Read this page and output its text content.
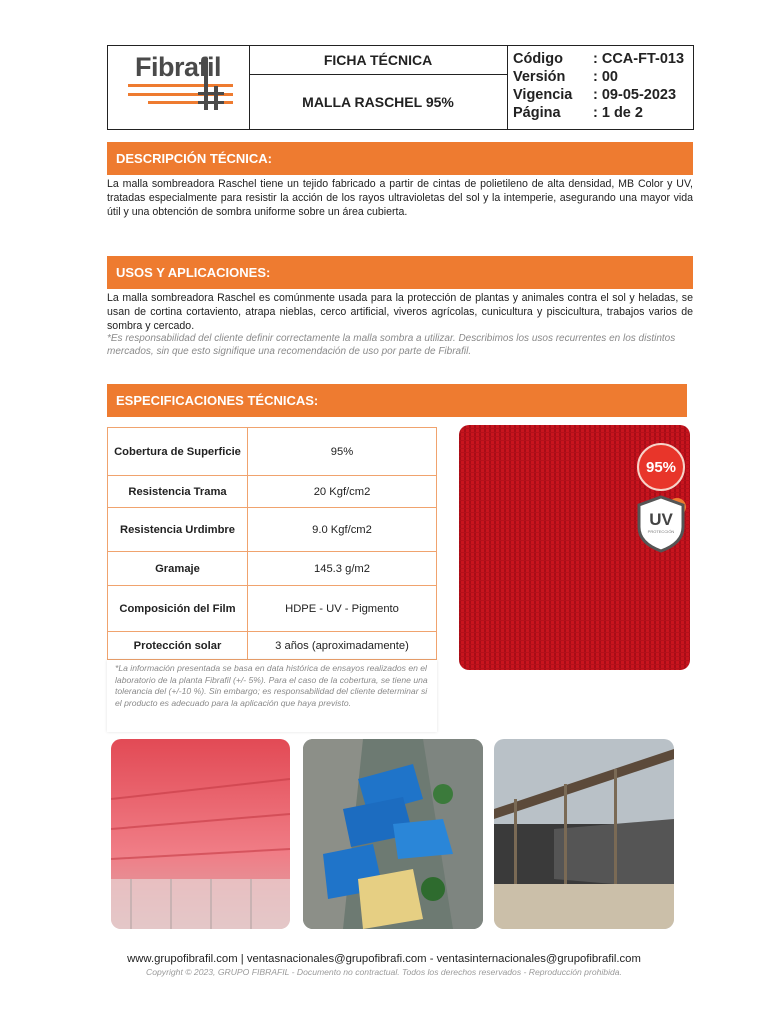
Fibrafil	FICHA TÉCNICA
MALLA RASCHEL 95%
Código	: CCA-FT-013
Versión	: 00
Vigencia	: 09-05-2023
Página	: 1 de 2
DESCRIPCIÓN TÉCNICA:
La malla sombreadora Raschel tiene un tejido fabricado a partir de cintas de polietileno de alta densidad, MB Color y UV, tratadas especialmente para resistir la acción de los rayos ultravioletas del sol y la intemperie, asegurando una mayor vida útil y una obtención de sombra uniforme sobre un área cubierta.
USOS Y APLICACIONES:
La malla sombreadora Raschel es comúnmente usada para la protección de plantas y animales contra el sol y heladas, se usan de cortina cortaviento, atrapa nieblas, cerco artificial, viveros agrícolas, cunicultura y piscicultura, trabajos varios de sombra y cercado.
*Es responsabilidad del cliente definir correctamente la malla sombra a utilizar. Describimos los usos recurrentes en los distintos mercados, sin que esto signifique una recomendación de uso por parte de Fibrafil.
ESPECIFICACIONES TÉCNICAS:
Cobertura de Superficie	95%
Resistencia Trama	20 Kgf/cm2
Resistencia Urdimbre	9.0 Kgf/cm2
Gramaje	145.3 g/m2
Composición del Film	HDPE - UV - Pigmento
Protección solar	3 años (aproximadamente)
*La información presentada se basa en data histórica de ensayos realizados en el laboratorio de la planta Fibrafil (+/- 5%). Para el caso de la cobertura, se tiene una tolerancia del (+/-10 %). Sin embargo; es responsabilidad del cliente determinar si el producto es adecuado para la aplicación que haya previsto.
95%
UV
PROTECCIÓN
www.grupofibrafil.com | ventasnacionales@grupofibrafi.com - ventasinternacionales@grupofibrafil.com
Copyright © 2023, GRUPO FIBRAFIL - Documento no contractual. Todos los derechos reservados - Reproducción prohibida.
